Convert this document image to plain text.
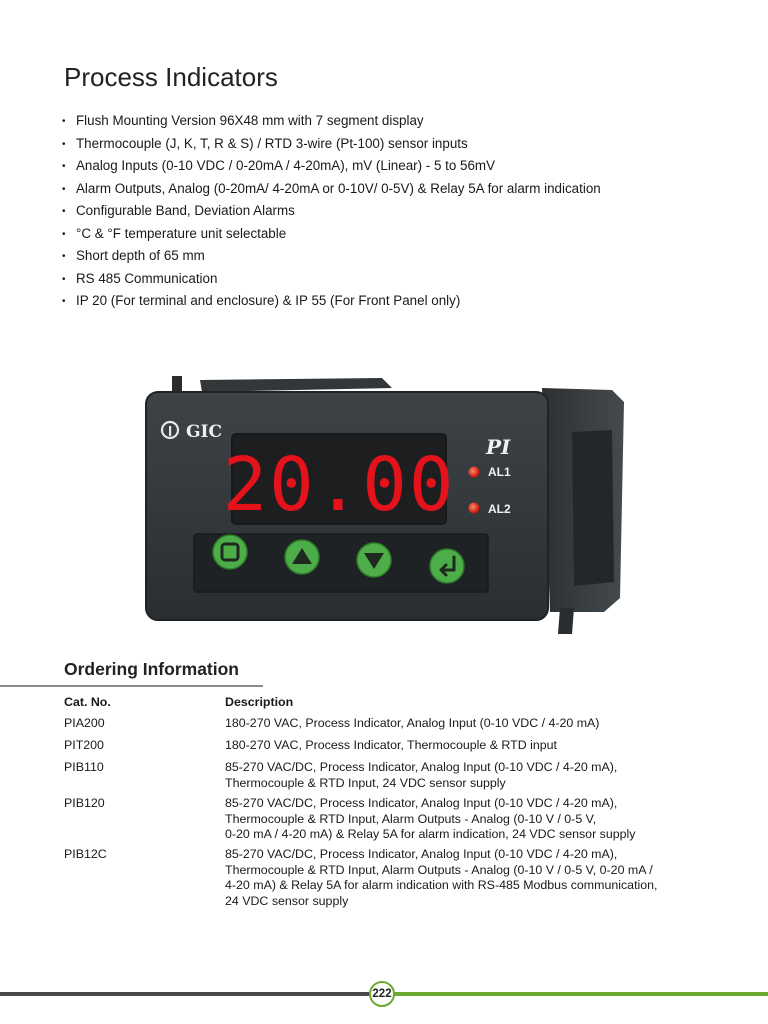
Process Indicators
• Flush Mounting Version 96X48 mm with 7 segment display
• Thermocouple (J, K, T, R & S) / RTD 3-wire (Pt-100) sensor inputs
• Analog Inputs (0-10 VDC / 0-20mA / 4-20mA), mV (Linear) - 5 to 56mV
• Alarm Outputs, Analog (0-20mA/ 4-20mA or 0-10V/ 0-5V) & Relay 5A for alarm indication
• Configurable Band, Deviation Alarms
• °C & °F temperature unit selectable
• Short depth of 65 mm
• RS 485 Communication
• IP 20 (For terminal and enclosure) & IP 55 (For Front Panel only)
GIC
20.00 PI
AL1
AL2
Ordering Information
Cat. No.	Description
PIA200	180-270 VAC, Process Indicator, Analog Input (0-10 VDC / 4-20 mA)
PIT200	180-270 VAC, Process Indicator, Thermocouple & RTD input
PIB110	85-270 VAC/DC, Process Indicator, Analog Input (0-10 VDC / 4-20 mA),
Thermocouple & RTD Input, 24 VDC sensor supply
PIB120	85-270 VAC/DC, Process Indicator, Analog Input (0-10 VDC / 4-20 mA),
Thermocouple & RTD Input, Alarm Outputs - Analog (0-10 V / 0-5 V,
0-20 mA / 4-20 mA) & Relay 5A for alarm indication, 24 VDC sensor supply
PIB12C	85-270 VAC/DC, Process Indicator, Analog Input (0-10 VDC / 4-20 mA),
Thermocouple & RTD Input, Alarm Outputs - Analog (0-10 V / 0-5 V, 0-20 mA /
4-20 mA) & Relay 5A for alarm indication with RS-485 Modbus communication,
24 VDC sensor supply
222
